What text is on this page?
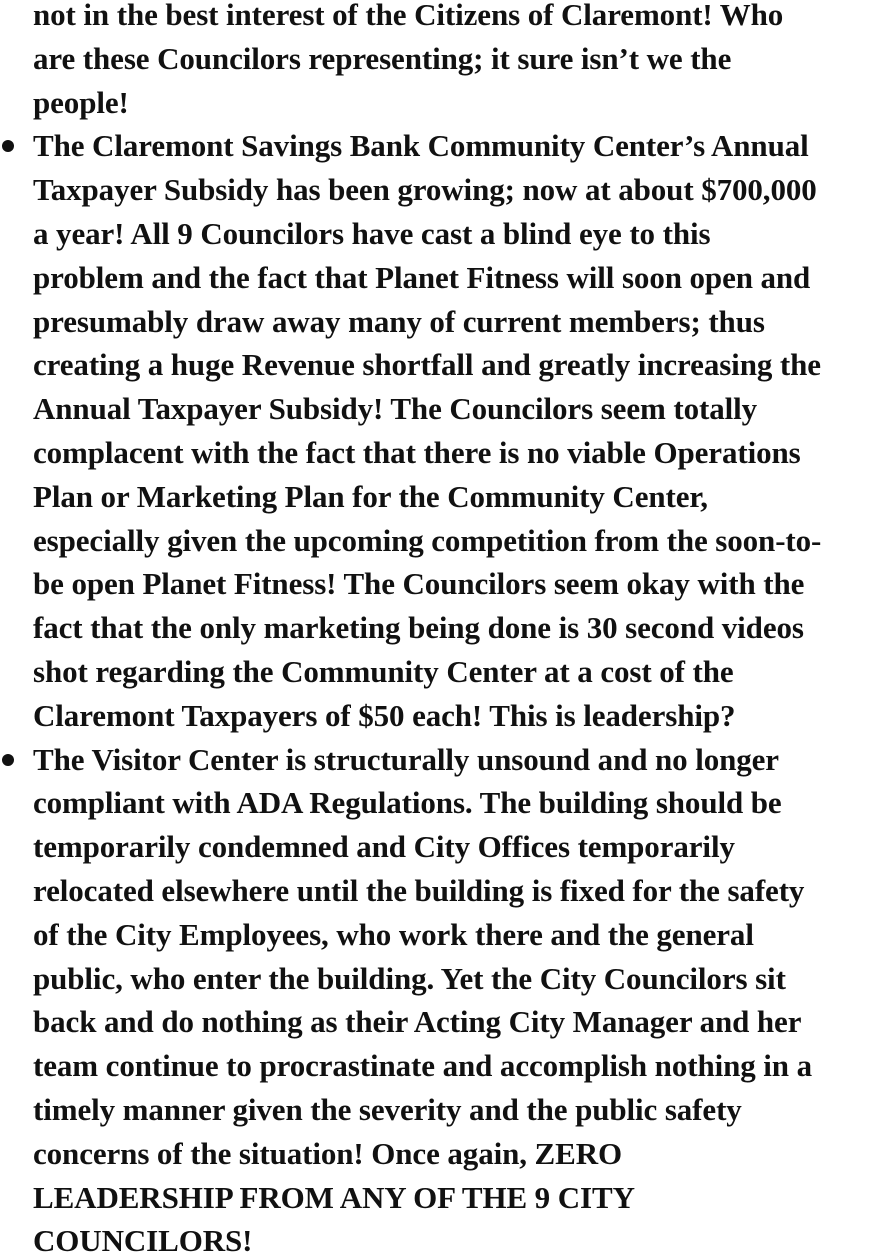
not in the best interest of the Citizens of Claremont! Who
are these Councilors representing; it sure isn’t we the
people!
The Claremont Savings Bank Community Center’s Annual
Taxpayer Subsidy has been growing; now at about $700,000
a year! All 9 Councilors have cast a blind eye to this
problem and the fact that Planet Fitness will soon open and
presumably draw away many of current members; thus
creating a huge Revenue shortfall and greatly increasing the
Annual Taxpayer Subsidy! The Councilors seem totally
complacent with the fact that there is no viable Operations
Plan or Marketing Plan for the Community Center,
especially given the upcoming competition from the soon-to-
be open Planet Fitness! The Councilors seem okay with the
fact that the only marketing being done is 30 second videos
shot regarding the Community Center at a cost of the
Claremont Taxpayers of $50 each! This is leadership?
The Visitor Center is structurally unsound and no longer
compliant with ADA Regulations. The building should be
temporarily condemned and City Offices temporarily
relocated elsewhere until the building is fixed for the safety
of the City Employees, who work there and the general
public, who enter the building. Yet the City Councilors sit
back and do nothing as their Acting City Manager and her
team continue to procrastinate and accomplish nothing in a
timely manner given the severity and the public safety
concerns of the situation! Once again, ZERO
LEADERSHIP FROM ANY OF THE 9 CITY
COUNCILORS!
